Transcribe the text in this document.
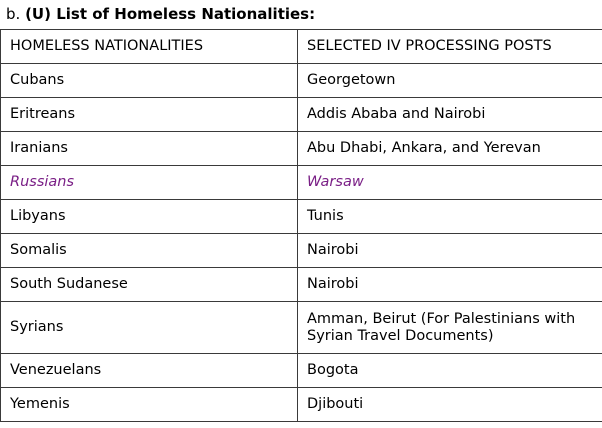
b. (U) List of Homeless Nationalities:
HOMELESS NATIONALITIES	SELECTED IV PROCESSING POSTS
Cubans	Georgetown
Eritreans	Addis Ababa and Nairobi
Iranians	Abu Dhabi, Ankara, and Yerevan
Russians	Warsaw
Libyans	Tunis
Somalis	Nairobi
South Sudanese	Nairobi
Syrians	Amman, Beirut (For Palestinians with Syrian Travel Documents)

Venezuelans	Bogota
Yemenis	Djibouti
